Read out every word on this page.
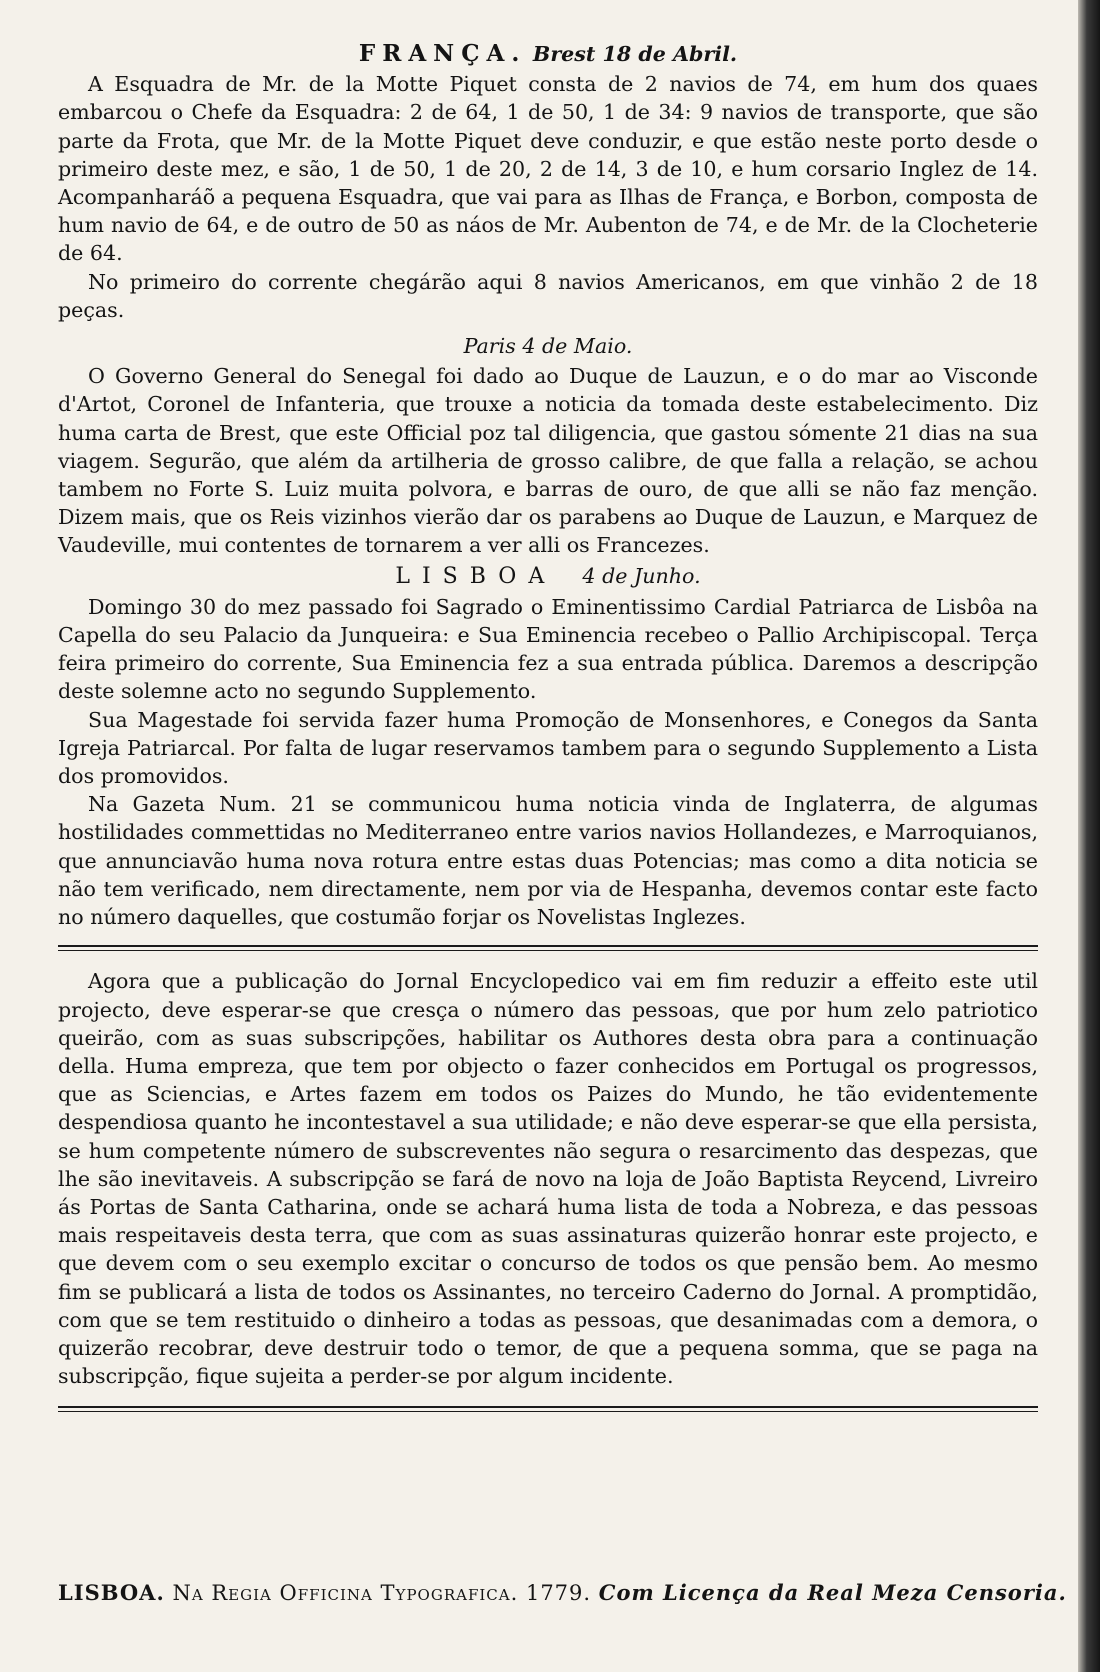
FRANÇA. Brest 18 de Abril.

A Esquadra de Mr. de la Motte Piquet consta de 2 navios de 74, em hum dos quaes embarcou o Chefe da Esquadra: 2 de 64, 1 de 50, 1 de 34: 9 navios de transporte, que são parte da Frota, que Mr. de la Motte Piquet deve conduzir, e que estão neste porto desde o primeiro deste mez, e são, 1 de 50, 1 de 20, 2 de 14, 3 de 10, e hum corsario Inglez de 14. Acompanharáõ a pequena Esquadra, que vai para as Ilhas de França, e Borbon, composta de hum navio de 64, e de outro de 50 as náos de Mr. Aubenton de 74, e de Mr. de la Clocheterie de 64.

No primeiro do corrente chegárão aqui 8 navios Americanos, em que vinhão 2 de 18 peças.

Paris 4 de Maio.

O Governo General do Senegal foi dado ao Duque de Lauzun, e o do mar ao Visconde d'Artot, Coronel de Infanteria, que trouxe a noticia da tomada deste estabelecimento. Diz huma carta de Brest, que este Official poz tal diligencia, que gastou sómente 21 dias na sua viagem. Segurão, que além da artilheria de grosso calibre, de que falla a relação, se achou tambem no Forte S. Luiz muita polvora, e barras de ouro, de que alli se não faz menção. Dizem mais, que os Reis vizinhos vierão dar os parabens ao Duque de Lauzun, e Marquez de Vaudeville, mui contentes de tornarem a ver alli os Francezes.

LISBOA 4 de Junho.

Domingo 30 do mez passado foi Sagrado o Eminentissimo Cardial Patriarca de Lisbôa na Capella do seu Palacio da Junqueira: e Sua Eminencia recebeo o Pallio Archipiscopal. Terça feira primeiro do corrente, Sua Eminencia fez a sua entrada pública. Daremos a descripção deste solemne acto no segundo Supplemento.

Sua Magestade foi servida fazer huma Promoção de Monsenhores, e Conegos da Santa Igreja Patriarcal. Por falta de lugar reservamos tambem para o segundo Supplemento a Lista dos promovidos.

Na Gazeta Num. 21 se communicou huma noticia vinda de Inglaterra, de algumas hostilidades commettidas no Mediterraneo entre varios navios Hollandezes, e Marroquianos, que annunciavão huma nova rotura entre estas duas Potencias; mas como a dita noticia se não tem verificado, nem directamente, nem por via de Hespanha, devemos contar este facto no número daquelles, que costumão forjar os Novelistas Inglezes.

Agora que a publicação do Jornal Encyclopedico vai em fim reduzir a effeito este util projecto, deve esperar-se que cresça o número das pessoas, que por hum zelo patriotico queirão, com as suas subscripções, habilitar os Authores desta obra para a continuação della. Huma empreza, que tem por objecto o fazer conhecidos em Portugal os progressos, que as Sciencias, e Artes fazem em todos os Paizes do Mundo, he tão evidentemente despendiosa quanto he incontestavel a sua utilidade; e não deve esperar-se que ella persista, se hum competente número de subscreventes não segura o resarcimento das despezas, que lhe são inevitaveis. A subscripção se fará de novo na loja de João Baptista Reycend, Livreiro ás Portas de Santa Catharina, onde se achará huma lista de toda a Nobreza, e das pessoas mais respeitaveis desta terra, que com as suas assinaturas quizerão honrar este projecto, e que devem com o seu exemplo excitar o concurso de todos os que pensão bem. Ao mesmo fim se publicará a lista de todos os Assinantes, no terceiro Caderno do Jornal. A promptidão, com que se tem restituido o dinheiro a todas as pessoas, que desanimadas com a demora, o quizerão recobrar, deve destruir todo o temor, de que a pequena somma, que se paga na subscripção, fique sujeita a perder-se por algum incidente.

LISBOA. Na Regia Officina Typografica. 1779. Com Licença da Real Meza Censoria.
